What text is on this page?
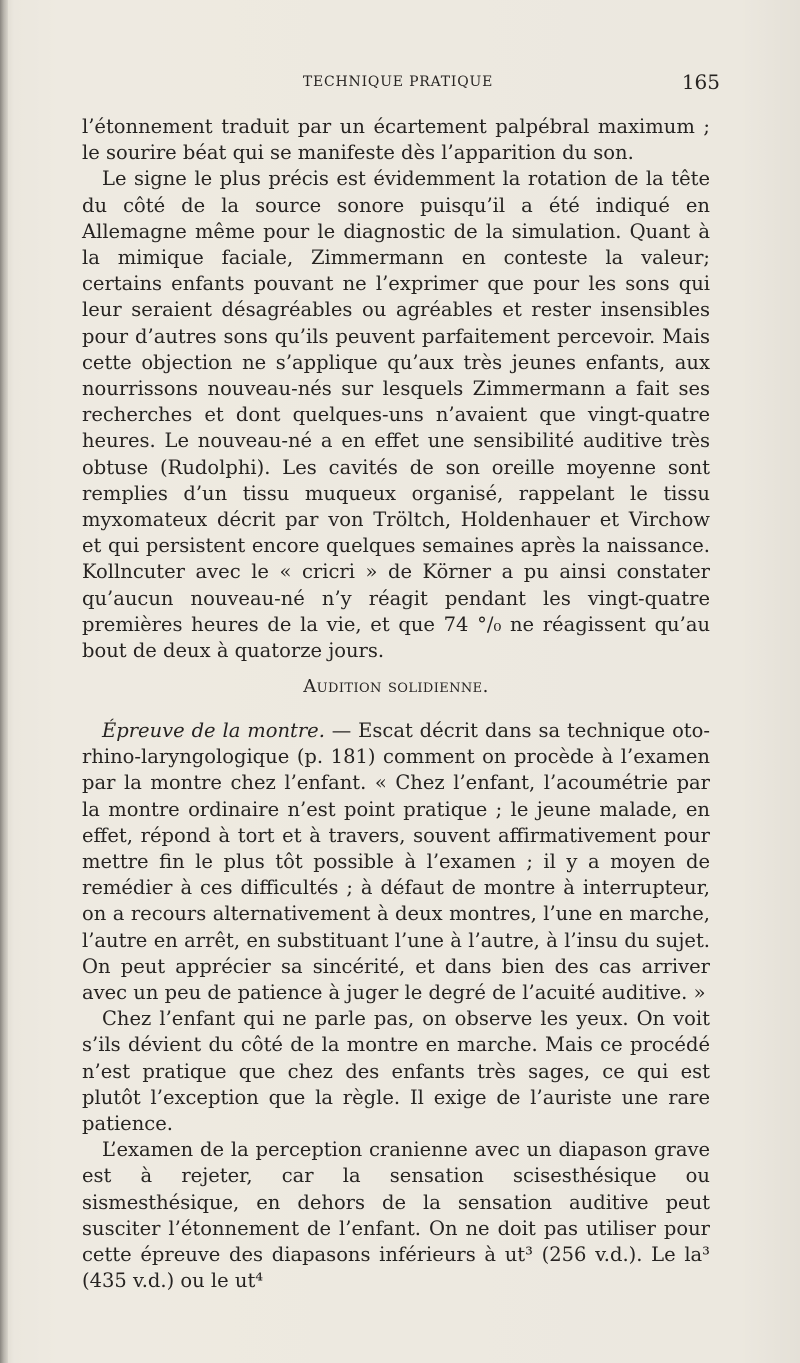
TECHNIQUE PRATIQUE	165

l’étonnement traduit par un écartement palpébral maximum ; le sourire béat qui se manifeste dès l’apparition du son.

Le signe le plus précis est évidemment la rotation de la tête du côté de la source sonore puisqu’il a été indiqué en Allemagne même pour le diagnostic de la simulation. Quant à la mimique faciale, Zimmermann en conteste la valeur; certains enfants pouvant ne l’exprimer que pour les sons qui leur seraient désagréables ou agréables et rester insensibles pour d’autres sons qu’ils peuvent parfaitement percevoir. Mais cette objection ne s’applique qu’aux très jeunes enfants, aux nourrissons nouveau-nés sur lesquels Zimmermann a fait ses recherches et dont quelques-uns n’avaient que vingt-quatre heures. Le nouveau-né a en effet une sensibilité auditive très obtuse (Rudolphi). Les cavités de son oreille moyenne sont remplies d’un tissu muqueux organisé, rappelant le tissu myxomateux décrit par von Tröltch, Holdenhauer et Virchow et qui persistent encore quelques semaines après la naissance. Kollncuter avec le « cricri » de Körner a pu ainsi constater qu’aucun nouveau-né n’y réagit pendant les vingt-quatre premières heures de la vie, et que 74 °/₀ ne réagissent qu’au bout de deux à quatorze jours.

Audition solidienne.

Épreuve de la montre. — Escat décrit dans sa technique oto-rhino-laryngologique (p. 181) comment on procède à l’examen par la montre chez l’enfant. « Chez l’enfant, l’acoumétrie par la montre ordinaire n’est point pratique ; le jeune malade, en effet, répond à tort et à travers, souvent affirmativement pour mettre fin le plus tôt possible à l’examen ; il y a moyen de remédier à ces difficultés ; à défaut de montre à interrupteur, on a recours alternativement à deux montres, l’une en marche, l’autre en arrêt, en substituant l’une à l’autre, à l’insu du sujet. On peut apprécier sa sincérité, et dans bien des cas arriver avec un peu de patience à juger le degré de l’acuité auditive. »

Chez l’enfant qui ne parle pas, on observe les yeux. On voit s’ils dévient du côté de la montre en marche. Mais ce procédé n’est pratique que chez des enfants très sages, ce qui est plutôt l’exception que la règle. Il exige de l’auriste une rare patience.

L’examen de la perception cranienne avec un diapason grave est à rejeter, car la sensation scisesthésique ou sismesthésique, en dehors de la sensation auditive peut susciter l’étonnement de l’enfant. On ne doit pas utiliser pour cette épreuve des diapasons inférieurs à ut³ (256 v.d.). Le la³ (435 v.d.) ou le ut⁴
